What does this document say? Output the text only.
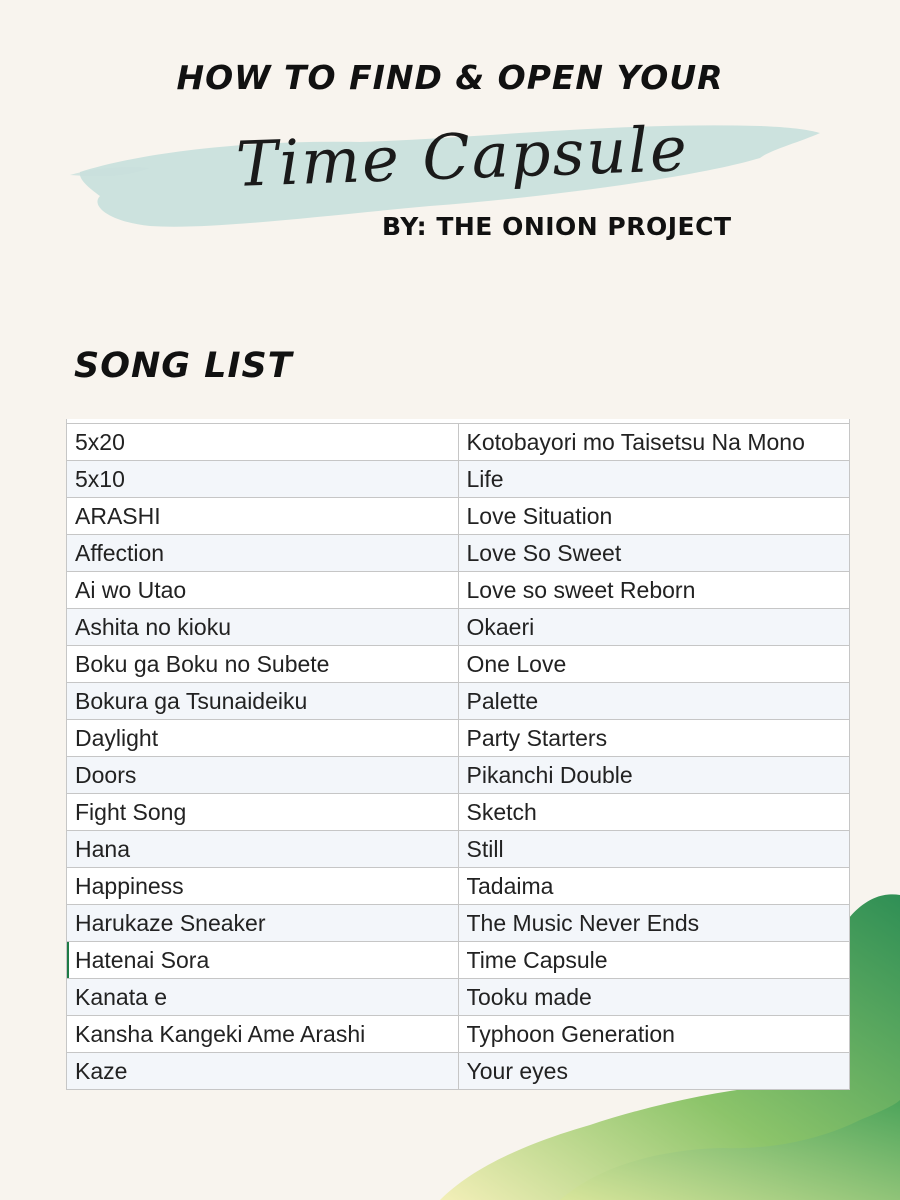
HOW TO FIND & OPEN YOUR
Time Capsule
BY: THE ONION PROJECT
SONG LIST
5x20	Kotobayori mo Taisetsu Na Mono
5x10	Life
ARASHI	Love Situation
Affection	Love So Sweet
Ai wo Utao	Love so sweet Reborn
Ashita no kioku	Okaeri
Boku ga Boku no Subete	One Love
Bokura ga Tsunaideiku	Palette
Daylight	Party Starters
Doors	Pikanchi Double
Fight Song	Sketch
Hana	Still
Happiness	Tadaima
Harukaze Sneaker	The Music Never Ends
Hatenai Sora	Time Capsule
Kanata e	Tooku made
Kansha Kangeki Ame Arashi	Typhoon Generation
Kaze	Your eyes
